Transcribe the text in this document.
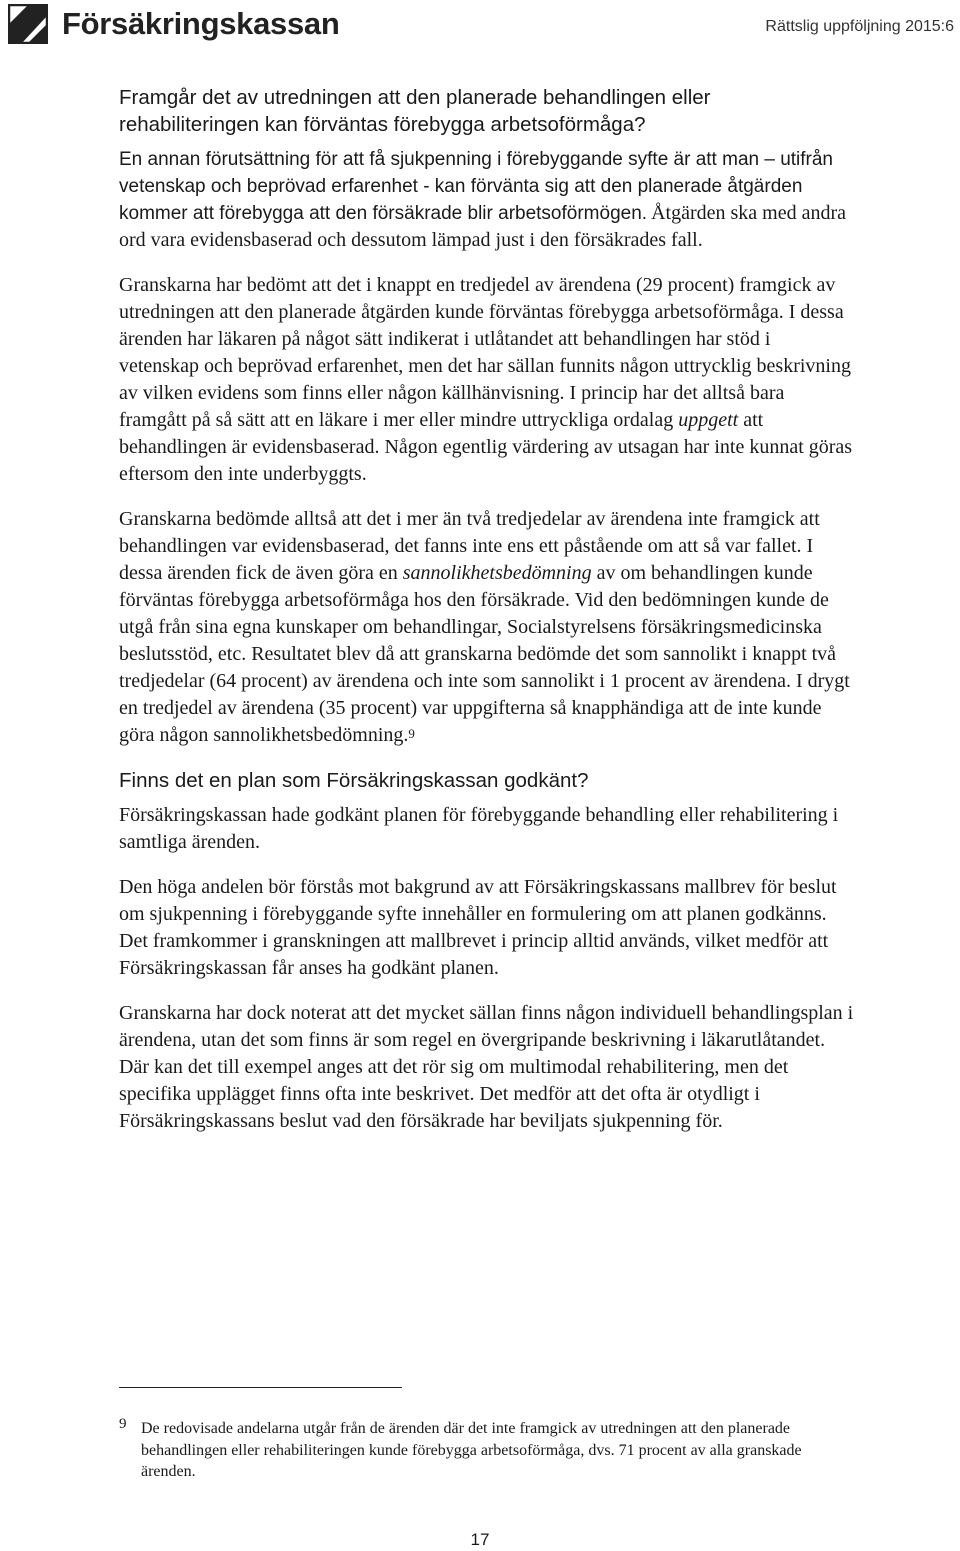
Försäkringskassan	Rättslig uppföljning 2015:6

Framgår det av utredningen att den planerade behandlingen eller rehabiliteringen kan förväntas förebygga arbetsoförmåga?

En annan förutsättning för att få sjukpenning i förebyggande syfte är att man – utifrån vetenskap och beprövad erfarenhet - kan förvänta sig att den planerade åtgärden kommer att förebygga att den försäkrade blir arbetsoförmögen. Åtgärden ska med andra ord vara evidensbaserad och dessutom lämpad just i den försäkrades fall.

Granskarna har bedömt att det i knappt en tredjedel av ärendena (29 procent) framgick av utredningen att den planerade åtgärden kunde förväntas förebygga arbetsoförmåga. I dessa ärenden har läkaren på något sätt indikerat i utlåtandet att behandlingen har stöd i vetenskap och beprövad erfarenhet, men det har sällan funnits någon uttrycklig beskrivning av vilken evidens som finns eller någon källhänvisning. I princip har det alltså bara framgått på så sätt att en läkare i mer eller mindre uttryckliga ordalag uppgett att behandlingen är evidensbaserad. Någon egentlig värdering av utsagan har inte kunnat göras eftersom den inte underbyggts.

Granskarna bedömde alltså att det i mer än två tredjedelar av ärendena inte framgick att behandlingen var evidensbaserad, det fanns inte ens ett påstående om att så var fallet. I dessa ärenden fick de även göra en sannolikhetsbedömning av om behandlingen kunde förväntas förebygga arbetsoförmåga hos den försäkrade. Vid den bedömningen kunde de utgå från sina egna kunskaper om behandlingar, Socialstyrelsens försäkringsmedicinska beslutsstöd, etc. Resultatet blev då att granskarna bedömde det som sannolikt i knappt två tredjedelar (64 procent) av ärendena och inte som sannolikt i 1 procent av ärendena. I drygt en tredjedel av ärendena (35 procent) var uppgifterna så knapphändiga att de inte kunde göra någon sannolikhetsbedömning.$^9$

Finns det en plan som Försäkringskassan godkänt?

Försäkringskassan hade godkänt planen för förebyggande behandling eller rehabilitering i samtliga ärenden.

Den höga andelen bör förstås mot bakgrund av att Försäkringskassans mallbrev för beslut om sjukpenning i förebyggande syfte innehåller en formulering om att planen godkänns. Det framkommer i granskningen att mallbrevet i princip alltid används, vilket medför att Försäkringskassan får anses ha godkänt planen.

Granskarna har dock noterat att det mycket sällan finns någon individuell behandlingsplan i ärendena, utan det som finns är som regel en övergripande beskrivning i läkarutlåtandet. Där kan det till exempel anges att det rör sig om multimodal rehabilitering, men det specifika upplägget finns ofta inte beskrivet. Det medför att det ofta är otydligt i Försäkringskassans beslut vad den försäkrade har beviljats sjukpenning för.

9 De redovisade andelarna utgår från de ärenden där det inte framgick av utredningen att den planerade behandlingen eller rehabiliteringen kunde förebygga arbetsoförmåga, dvs. 71 procent av alla granskade ärenden.
17
